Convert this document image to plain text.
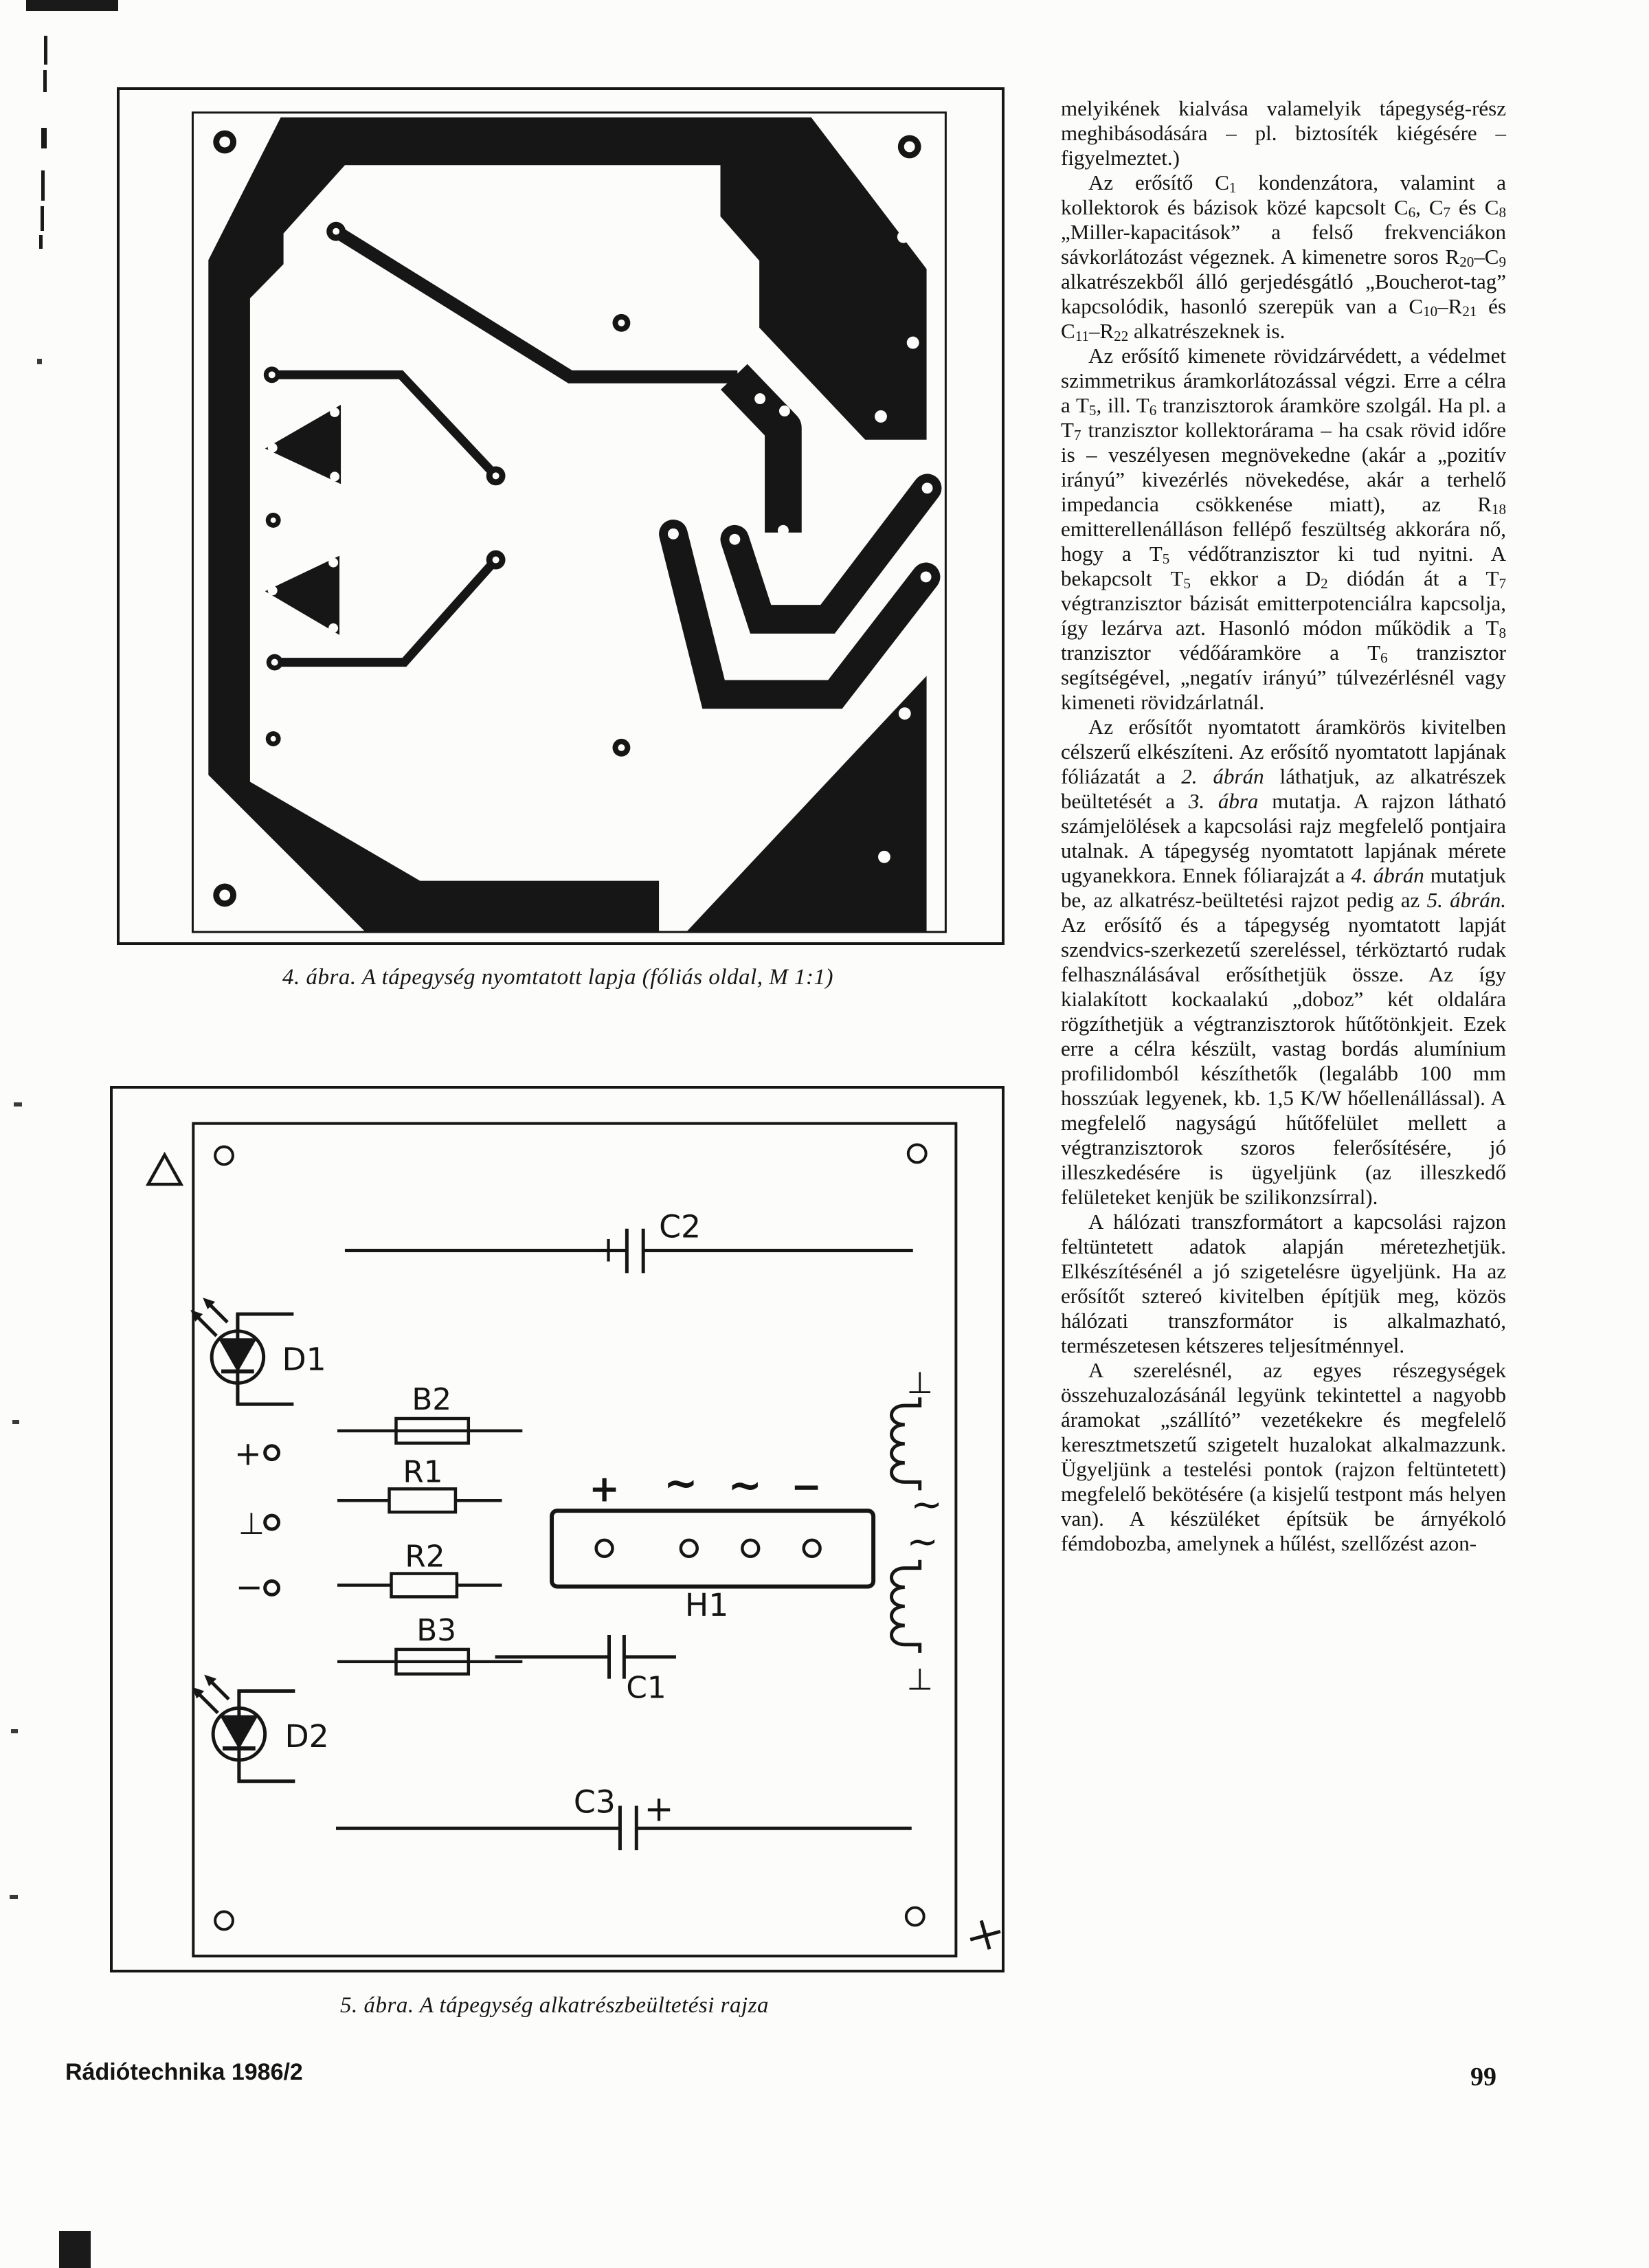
4. ábra. A tápegység nyomtatott lapja (fóliás oldal, M 1:1)
+
C2
D1
+
⊥
−
B2
R1
R2
B3
+ ~ ~ −
H1
C1
D2
C3 +
⊥
~
~
⊥
5. ábra. A tápegység alkatrészbeültetési rajza

melyikének kialvása valamelyik tápegység-rész meghibásodására – pl. biztosíték kiégésére – figyelmeztet.)

Az erősítő $C_1$ kondenzátora, valamint a kollektorok és bázisok közé kapcsolt $C_6$, $C_7$ és $C_8$ „Miller-kapacitások” a felső frekvenciákon sávkorlátozást végeznek. A kimenetre soros $R_{20}-C_9$ alkatrészekből álló gerjedésgátló „Boucherot-tag” kapcsolódik, hasonló szerepük van a $C_{10}-R_{21}$ és $C_{11}-R_{22}$ alkatrészeknek is.

Az erősítő kimenete rövidzárvédett, a védelmet szimmetrikus áramkorlátozással végzi. Erre a célra a $T_5$, ill. $T_6$ tranzisztorok áramköre szolgál. Ha pl. a $T_7$ tranzisztor kollektorárama – ha csak rövid időre is – veszélyesen megnövekedne (akár a „pozitív irányú” kivezérlés növekedése, akár a terhelő impedancia csökkenése miatt), az $R_{18}$ emitterellenálláson fellépő feszültség akkorára nő, hogy a $T_5$ védőtranzisztor ki tud nyitni. A bekapcsolt $T_5$ ekkor a $D_2$ diódán át a $T_7$ végtranzisztor bázisát emitterpotenciálra kapcsolja, így lezárva azt. Hasonló módon működik a $T_8$ tranzisztor védőáramköre a $T_6$ tranzisztor segítségével, „negatív irányú” túlvezérlésnél vagy kimeneti rövidzárlatnál.

Az erősítőt nyomtatott áramkörös kivitelben célszerű elkészíteni. Az erősítő nyomtatott lapjának fóliázatát a 2. ábrán láthatjuk, az alkatrészek beültetését a 3. ábra mutatja. A rajzon látható számjelölések a kapcsolási rajz megfelelő pontjaira utalnak. A tápegység nyomtatott lapjának mérete ugyanekkora. Ennek fóliarajzát a 4. ábrán mutatjuk be, az alkatrész-beültetési rajzot pedig az 5. ábrán. Az erősítő és a tápegység nyomtatott lapját szendvics-szerkezetű szereléssel, térköztartó rudak felhasználásával erősíthetjük össze. Az így kialakított kockaalakú „doboz” két oldalára rögzíthetjük a végtranzisztorok hűtőtönkjeit. Ezek erre a célra készült, vastag bordás alumínium profilidomból készíthetők (legalább 100 mm hosszúak legyenek, kb. 1,5 K/W hőellenállással). A megfelelő nagyságú hűtőfelület mellett a végtranzisztorok szoros felerősítésére, jó illeszkedésére is ügyeljünk (az illeszkedő felületeket kenjük be szilikonzsírral).

A hálózati transzformátort a kapcsolási rajzon feltüntetett adatok alapján méretezhetjük. Elkészítésénél a jó szigetelésre ügyeljünk. Ha az erősítőt sztereó kivitelben építjük meg, közös hálózati transzformátor is alkalmazható, természetesen kétszeres teljesítménnyel.

A szerelésnél, az egyes részegységek összehuzalozásánál legyünk tekintettel a nagyobb áramokat „szállító” vezetékekre és megfelelő keresztmetszetű szigetelt huzalokat alkalmazzunk. Ügyeljünk a testelési pontok (rajzon feltüntetett) megfelelő bekötésére (a kisjelű testpont más helyen van). A készüléket építsük be árnyékoló fémdobozba, amelynek a hűlést, szellőzést azon-

Rádiótechnika 1986/2	99
